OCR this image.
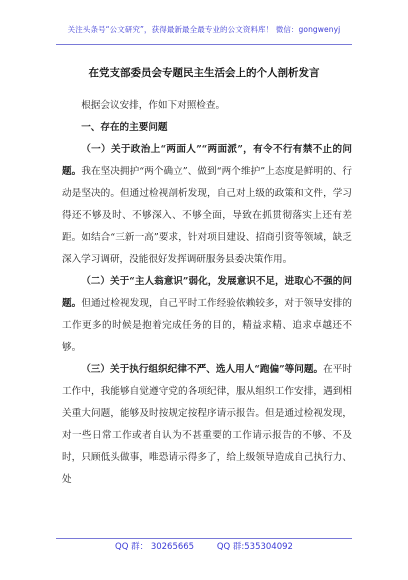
关注头条号“公文研究”，获得最新最全最专业的公文资料库！ 微信：gongwenyj
在党支部委员会专题民主生活会上的个人剖析发言

根据会议安排，作如下对照检查。

一、存在的主要问题

（一）关于政治上“两面人”“两面派”，有令不行有禁不止的问题。我在坚决拥护“两个确立”、做到“两个维护”上态度是鲜明的、行动是坚决的。但通过检视剖析发现，自己对上级的政策和文件，学习得还不够及时、不够深入、不够全面，导致在抓贯彻落实上还有差距。如结合“三新一高”要求，针对项目建设、招商引资等领域，缺乏深入学习调研，没能很好发挥调研服务县委决策作用。

（二）关于“主人翁意识”弱化，发展意识不足，进取心不强的问题。但通过检视发现，自己平时工作经验依赖较多，对于领导安排的工作更多的时候是抱着完成任务的目的，精益求精、追求卓越还不够。

（三）关于执行组织纪律不严、选人用人“跑偏”等问题。在平时工作中，我能够自觉遵守党的各项纪律，服从组织工作安排，遇到相关重大问题，能够及时按规定按程序请示报告。但是通过检视发现，对一些日常工作或者自认为不甚重要的工作请示报告的不够、不及时，只顾低头做事，唯恐请示得多了，给上级领导造成自己执行力、处

QQ 群： 30265665	QQ 群:535304092
